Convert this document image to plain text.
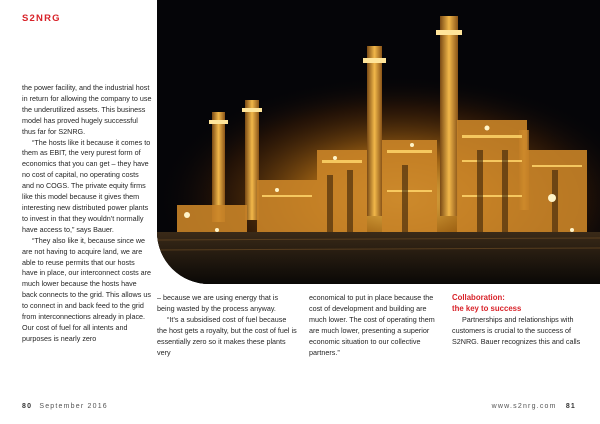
S2NRG

the power facility, and the industrial host in return for allowing the company to use the underutilized assets. This business model has proved hugely successful thus far for S2NRG.

“The hosts like it because it comes to them as EBIT, the very purest form of economics that you can get – they have no cost of capital, no operating costs and no COGS. The private equity firms like this model because it gives them interesting new distributed power plants to invest in that they wouldn’t normally have access to,” says Bauer.

“They also like it, because since we are not having to acquire land, we are able to reuse permits that our hosts have in place, our interconnect costs are much lower because the hosts have back connects to the grid. This allows us to connect in and back feed to the grid from interconnections already in place. Our cost of fuel for all intents and purposes is nearly zero

– because we are using energy that is being wasted by the process anyway.

“It’s a subsidised cost of fuel because the host gets a royalty, but the cost of fuel is essentially zero so it makes these plants very

economical to put in place because the cost of development and building are much lower. The cost of operating them are much lower, presenting a superior economic situation to our collective partners.”

Collaboration:
the key to success

Partnerships and relationships with customers is crucial to the success of S2NRG. Bauer recognizes this and calls

80 September 2016	www.s2nrg.com 81
